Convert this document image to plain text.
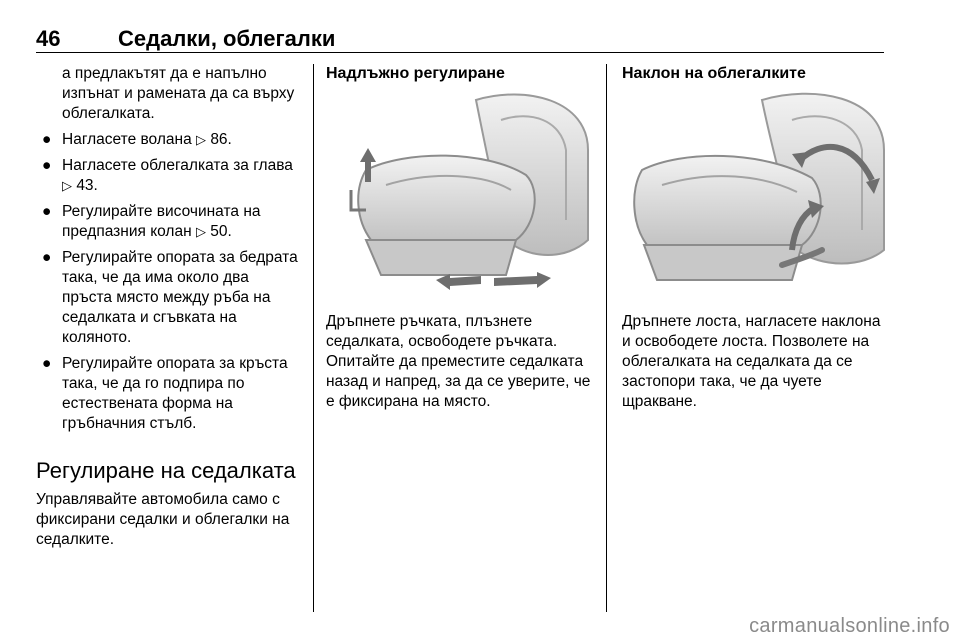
46	Седалки, облегалки

а предлакътят да е напълно изпънат и рамената да са върху облегалката.

● Нагласете волана ▷ 86.
● Нагласете облегалката за глава ▷ 43.
● Регулирайте височината на предпазния колан ▷ 50.
● Регулирайте опората за бедрата така, че да има около два пръста място между ръба на седалката и сгъвката на коляното.
● Регулирайте опората за кръста така, че да го подпира по естествената форма на гръбначния стълб.
Регулиране на седалката

Управлявайте автомобила само с фиксирани седалки и облегалки на седалките.

Надлъжно регулиране

Дръпнете ръчката, плъзнете седалката, освободете ръчката. Опитайте да преместите седалката назад и напред, за да се уверите, че е фиксирана на място.

Наклон на облегалките

Дръпнете лоста, нагласете наклона и освободете лоста. Позволете на облегалката на седалката да се застопори така, че да чуете щракване.

carmanualsonline.info
